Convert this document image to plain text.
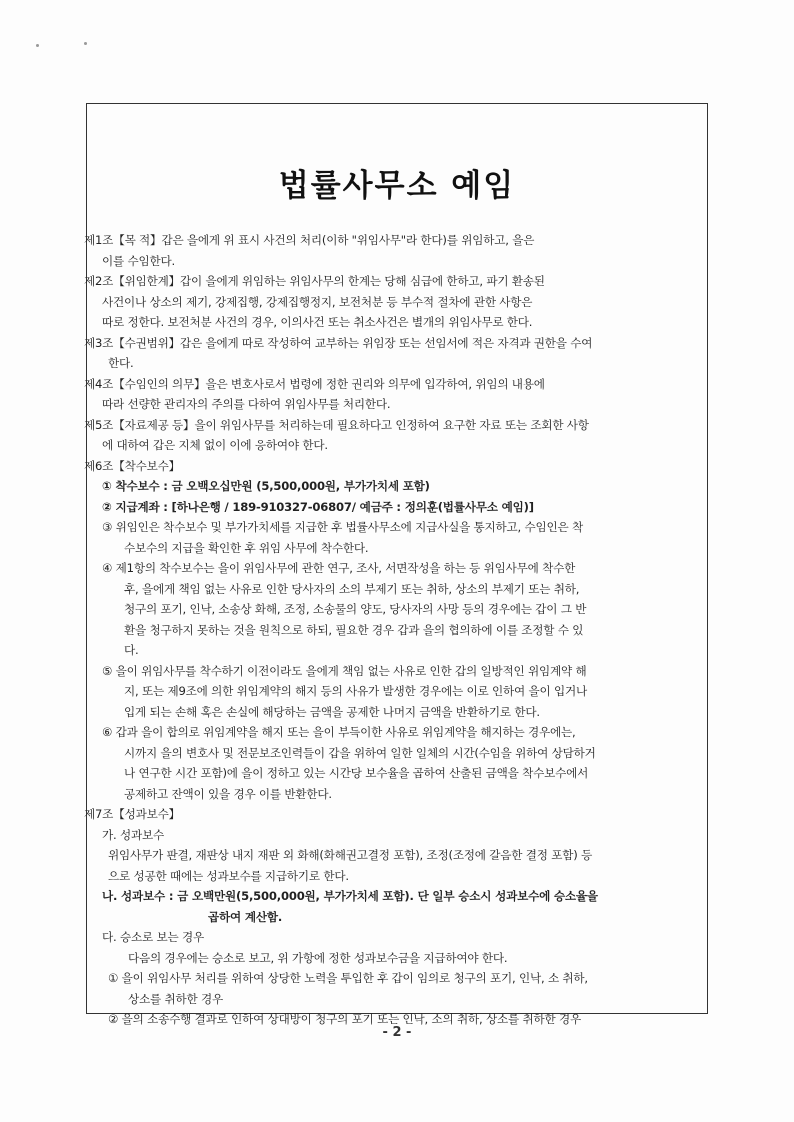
법률사무소 예임

제1조【목 적】갑은 을에게 위 표시 사건의 처리(이하 "위임사무"라 한다)를 위임하고, 을은

이를 수임한다.

제2조【위임한계】갑이 을에게 위임하는 위임사무의 한계는 당해 심급에 한하고, 파기 환송된

사건이나 상소의 제기, 강제집행, 강제집행정지, 보전처분 등 부수적 절차에 관한 사항은

따로 정한다. 보전처분 사건의 경우, 이의사건 또는 취소사건은 별개의 위임사무로 한다.

제3조【수권범위】갑은 을에게 따로 작성하여 교부하는 위임장 또는 선임서에 적은 자격과 권한을 수여

한다.

제4조【수임인의 의무】을은 변호사로서 법령에 정한 권리와 의무에 입각하여, 위임의 내용에

따라 선량한 관리자의 주의를 다하여 위임사무를 처리한다.

제5조【자료제공 등】을이 위임사무를 처리하는데 필요하다고 인정하여 요구한 자료 또는 조회한 사항

에 대하여 갑은 지체 없이 이에 응하여야 한다.

제6조【착수보수】

① 착수보수 : 금 오백오십만원 (5,500,000원, 부가가치세 포함)

② 지급계좌 : [하나은행 / 189-910327-06807/ 예금주 : 정의훈(법률사무소 예임)]

③ 위임인은 착수보수 및 부가가치세를 지급한 후 법률사무소에 지급사실을 통지하고, 수임인은 착

수보수의 지급을 확인한 후 위임 사무에 착수한다.

④ 제1항의 착수보수는 을이 위임사무에 관한 연구, 조사, 서면작성을 하는 등 위임사무에 착수한

후, 을에게 책임 없는 사유로 인한 당사자의 소의 부제기 또는 취하, 상소의 부제기 또는 취하,

청구의 포기, 인낙, 소송상 화해, 조정, 소송물의 양도, 당사자의 사망 등의 경우에는 갑이 그 반

환을 청구하지 못하는 것을 원칙으로 하되, 필요한 경우 갑과 을의 협의하에 이를 조정할 수 있

다.

⑤ 을이 위임사무를 착수하기 이전이라도 을에게 책임 없는 사유로 인한 갑의 일방적인 위임계약 해

지, 또는 제9조에 의한 위임계약의 해지 등의 사유가 발생한 경우에는 이로 인하여 을이 입거나

입게 되는 손해 혹은 손실에 해당하는 금액을 공제한 나머지 금액을 반환하기로 한다.

⑥ 갑과 을이 합의로 위임계약을 해지 또는 을이 부득이한 사유로 위임계약을 해지하는 경우에는,

시까지 을의 변호사 및 전문보조인력들이 갑을 위하여 일한 일체의 시간(수임을 위하여 상담하거

나 연구한 시간 포함)에 을이 정하고 있는 시간당 보수율을 곱하여 산출된 금액을 착수보수에서

공제하고 잔액이 있을 경우 이를 반환한다.

제7조【성과보수】

가. 성과보수

위임사무가 판결, 재판상 내지 재판 외 화해(화해권고결정 포함), 조정(조정에 갈음한 결정 포함) 등

으로 성공한 때에는 성과보수를 지급하기로 한다.

나. 성과보수 : 금 오백만원(5,500,000원, 부가가치세 포함). 단 일부 승소시 성과보수에 승소율을

곱하여 계산함.

다. 승소로 보는 경우

다음의 경우에는 승소로 보고, 위 가항에 정한 성과보수금을 지급하여야 한다.

① 을이 위임사무 처리를 위하여 상당한 노력을 투입한 후 갑이 임의로 청구의 포기, 인낙, 소 취하,

상소를 취하한 경우

② 을의 소송수행 결과로 인하여 상대방이 청구의 포기 또는 인낙, 소의 취하, 상소를 취하한 경우

- 2 -
